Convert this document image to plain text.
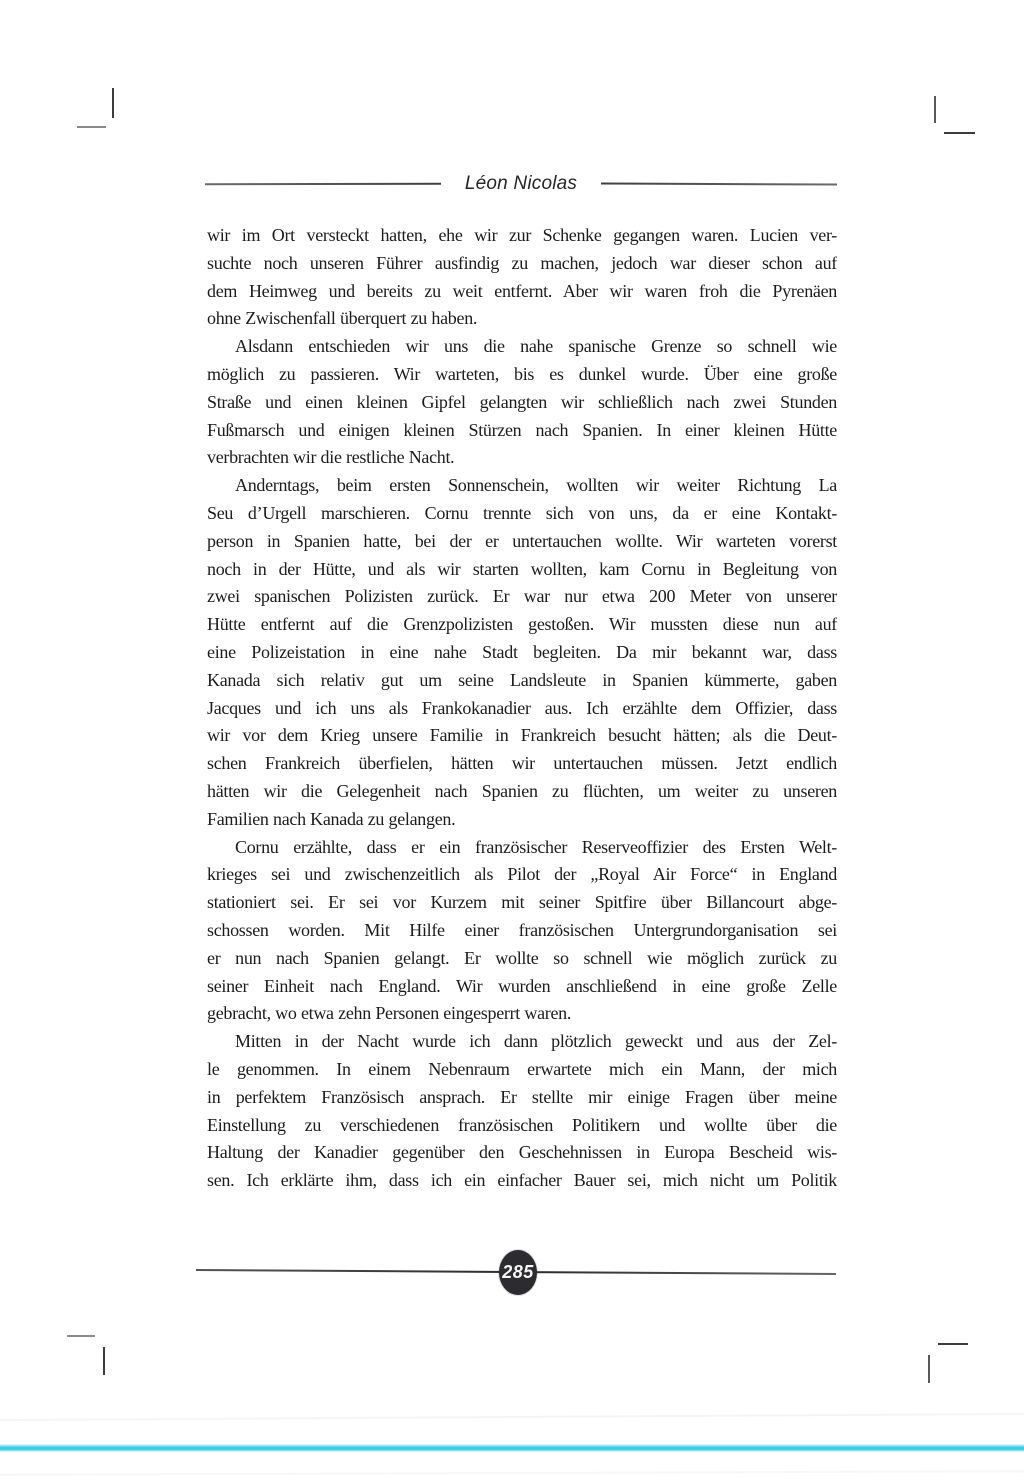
Léon Nicolas
wir im Ort versteckt hatten, ehe wir zur Schenke gegangen waren. Lucien ver-
suchte noch unseren Führer ausfindig zu machen, jedoch war dieser schon auf
dem Heimweg und bereits zu weit entfernt. Aber wir waren froh die Pyrenäen
ohne Zwischenfall überquert zu haben.
Alsdann entschieden wir uns die nahe spanische Grenze so schnell wie
möglich zu passieren. Wir warteten, bis es dunkel wurde. Über eine große
Straße und einen kleinen Gipfel gelangten wir schließlich nach zwei Stunden
Fußmarsch und einigen kleinen Stürzen nach Spanien. In einer kleinen Hütte
verbrachten wir die restliche Nacht.
Anderntags, beim ersten Sonnenschein, wollten wir weiter Richtung La
Seu d’Urgell marschieren. Cornu trennte sich von uns, da er eine Kontakt-
person in Spanien hatte, bei der er untertauchen wollte. Wir warteten vorerst
noch in der Hütte, und als wir starten wollten, kam Cornu in Begleitung von
zwei spanischen Polizisten zurück. Er war nur etwa 200 Meter von unserer
Hütte entfernt auf die Grenzpolizisten gestoßen. Wir mussten diese nun auf
eine Polizeistation in eine nahe Stadt begleiten. Da mir bekannt war, dass
Kanada sich relativ gut um seine Landsleute in Spanien kümmerte, gaben
Jacques und ich uns als Frankokanadier aus. Ich erzählte dem Offizier, dass
wir vor dem Krieg unsere Familie in Frankreich besucht hätten; als die Deut-
schen Frankreich überfielen, hätten wir untertauchen müssen. Jetzt endlich
hätten wir die Gelegenheit nach Spanien zu flüchten, um weiter zu unseren
Familien nach Kanada zu gelangen.
Cornu erzählte, dass er ein französischer Reserveoffizier des Ersten Welt-
krieges sei und zwischenzeitlich als Pilot der „Royal Air Force“ in England
stationiert sei. Er sei vor Kurzem mit seiner Spitfire über Billancourt abge-
schossen worden. Mit Hilfe einer französischen Untergrundorganisation sei
er nun nach Spanien gelangt. Er wollte so schnell wie möglich zurück zu
seiner Einheit nach England. Wir wurden anschließend in eine große Zelle
gebracht, wo etwa zehn Personen eingesperrt waren.
Mitten in der Nacht wurde ich dann plötzlich geweckt und aus der Zel-
le genommen. In einem Nebenraum erwartete mich ein Mann, der mich
in perfektem Französisch ansprach. Er stellte mir einige Fragen über meine
Einstellung zu verschiedenen französischen Politikern und wollte über die
Haltung der Kanadier gegenüber den Geschehnissen in Europa Bescheid wis-
sen. Ich erklärte ihm, dass ich ein einfacher Bauer sei, mich nicht um Politik
285
